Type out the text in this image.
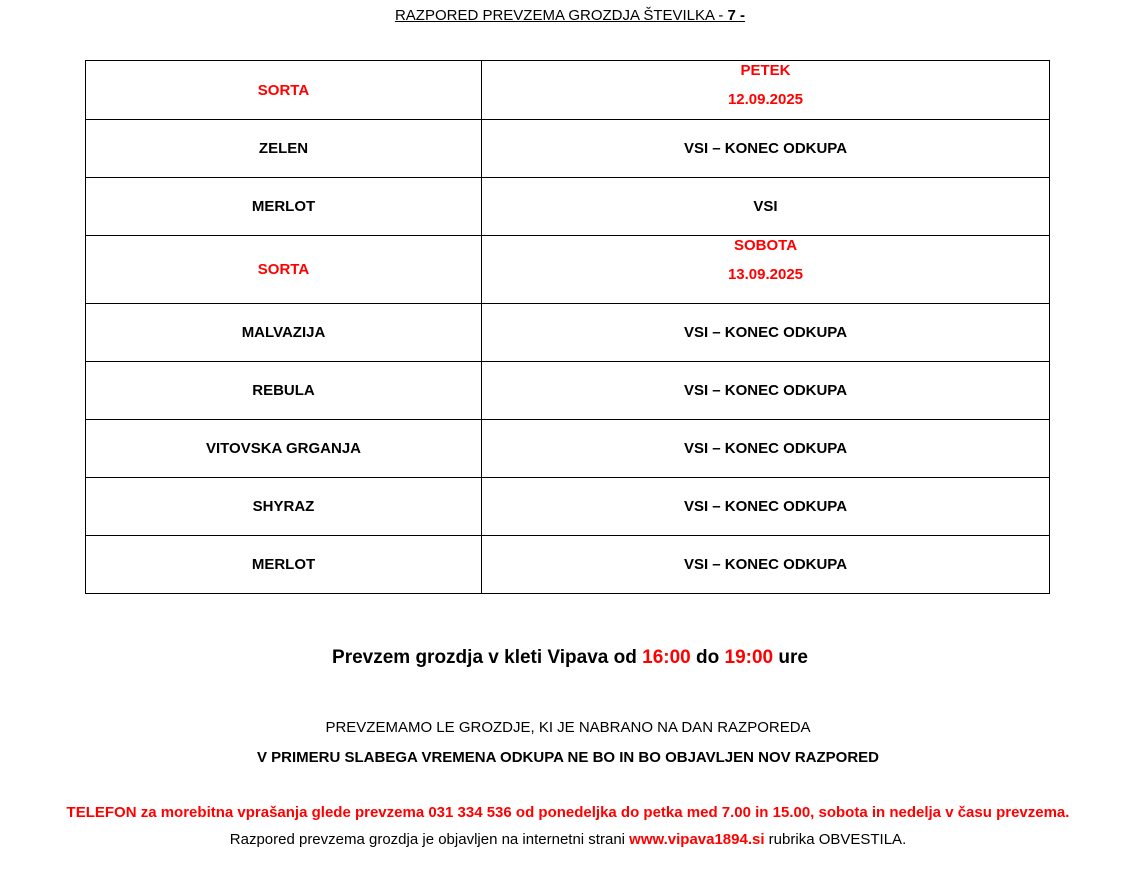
RAZPORED PREVZEMA GROZDJA ŠTEVILKA - 7 -
SORTA	PETEK
12.09.2025

ZELEN	VSI – KONEC ODKUPA
MERLOT	VSI
SORTA	SOBOTA
13.09.2025

MALVAZIJA	VSI – KONEC ODKUPA
REBULA	VSI – KONEC ODKUPA
VITOVSKA GRGANJA	VSI – KONEC ODKUPA
SHYRAZ	VSI – KONEC ODKUPA
MERLOT	VSI – KONEC ODKUPA
Prevzem grozdja v kleti Vipava od 16:00 do 19:00 ure
PREVZEMAMO LE GROZDJE, KI JE NABRANO NA DAN RAZPOREDA
V PRIMERU SLABEGA VREMENA ODKUPA NE BO IN BO OBJAVLJEN NOV RAZPORED
TELEFON za morebitna vprašanja glede prevzema 031 334 536 od ponedeljka do petka med 7.00 in 15.00, sobota in nedelja v času prevzema.
Razpored prevzema grozdja je objavljen na internetni strani www.vipava1894.si rubrika OBVESTILA.
